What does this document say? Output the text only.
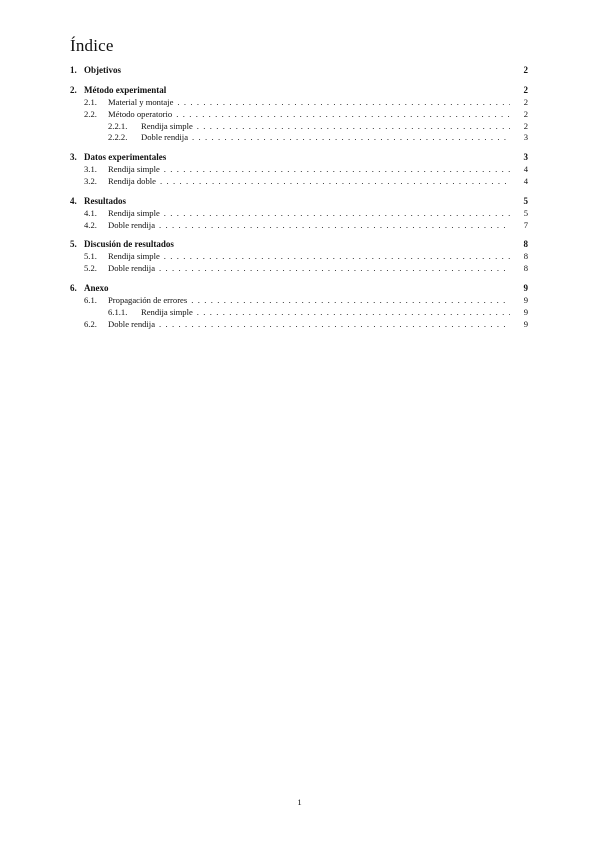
Índice
1. Objetivos	2
2. Método experimental	2
2.1.	Material y montaje . . .	2
2.2.	Método operatorio . . .	2
2.2.1.	Rendija simple . . .	2
2.2.2.	Doble rendija . . .	3
3. Datos experimentales	3
3.1.	Rendija simple . . .	4
3.2.	Rendija doble . . .	4
4. Resultados	5
4.1.	Rendija simple . . .	5
4.2.	Doble rendija . . .	7
5. Discusión de resultados	8
5.1.	Rendija simple . . .	8
5.2.	Doble rendija . . .	8
6. Anexo	9
6.1.	Propagación de errores . . .	9
6.1.1.	Rendija simple . . .	9
6.2.	Doble rendija . . .	9
1
